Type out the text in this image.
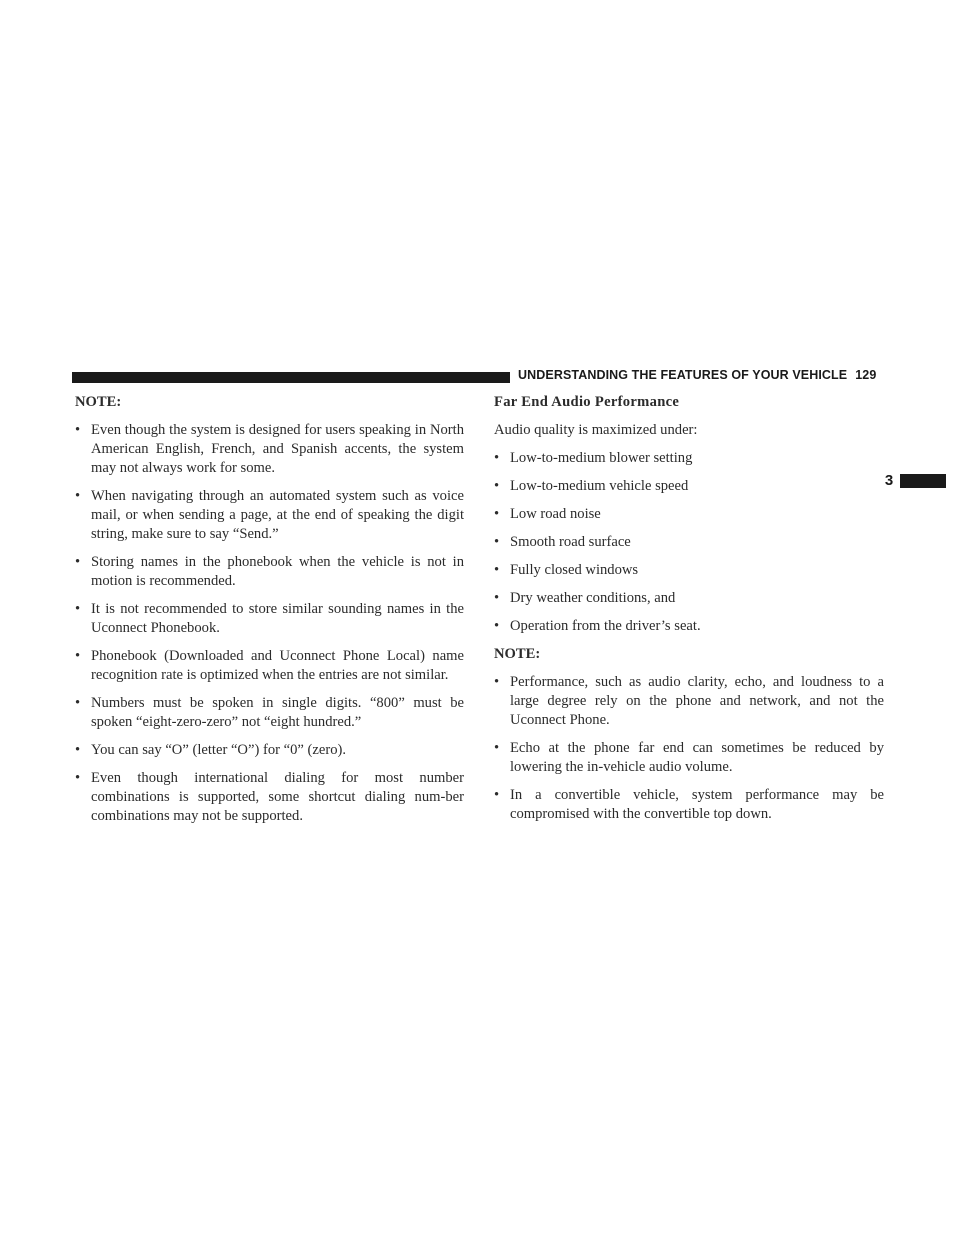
UNDERSTANDING THE FEATURES OF YOUR VEHICLE 129
3
NOTE:
• Even though the system is designed for users speaking in North American English, French, and Spanish accents, the system may not always work for some.
• When navigating through an automated system such as voice mail, or when sending a page, at the end of speaking the digit string, make sure to say “Send.”
• Storing names in the phonebook when the vehicle is not in motion is recommended.
• It is not recommended to store similar sounding names in the Uconnect Phonebook.
• Phonebook (Downloaded and Uconnect Phone Local) name recognition rate is optimized when the entries are not similar.
• Numbers must be spoken in single digits. “800” must be spoken “eight-zero-zero” not “eight hundred.”
• You can say “O” (letter “O”) for “0” (zero).
• Even though international dialing for most number combinations is supported, some shortcut dialing num-ber combinations may not be supported.
Far End Audio Performance

Audio quality is maximized under:

• Low-to-medium blower setting
• Low-to-medium vehicle speed
• Low road noise
• Smooth road surface
• Fully closed windows
• Dry weather conditions, and
• Operation from the driver’s seat.
NOTE:
• Performance, such as audio clarity, echo, and loudness to a large degree rely on the phone and network, and not the Uconnect Phone.
• Echo at the phone far end can sometimes be reduced by lowering the in-vehicle audio volume.
• In a convertible vehicle, system performance may be compromised with the convertible top down.
